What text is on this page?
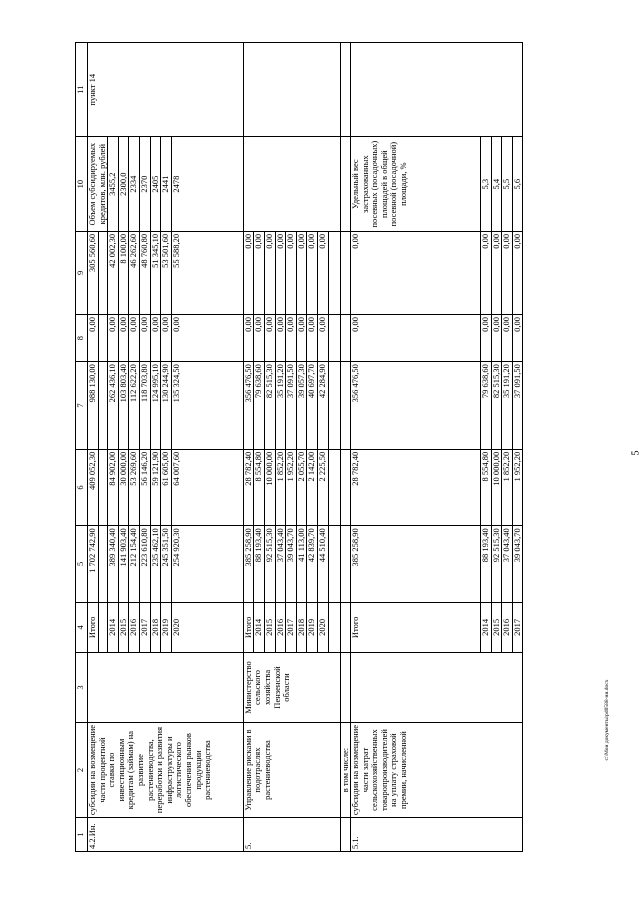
5
c:\Мои документы\pd0588-ни.docx
1	2	3	4	5	6	7	8	9	10	11
4.2.Ин.	субсидии на возмещение части процентной ставки по инвестиционным кредитам (займам) на развитие растениеводства, переработки и развития инфраструктуры и логистического обеспечения рынков продукции растениеводства		Итого	1 702 742,90	409 052,30	988 130,00	0,00	305 560,60	Объем субсидируемых кредитов, млн. рублей	пункт 14

			2014	389 340,40	84 902,00	262 436,10	0,00	42 002,30	3455,2	
			2015	141 903,40	30 000,00	103 803,40	0,00	8 100,00	2300,0	
			2016	212 154,40	53 269,60	112 622,20	0,00	46 262,60	2334	
			2017	223 610,80	56 146,20	118 703,80	0,00	48 760,80	2370	
			2018	235 462,10	59 121,90	124 995,10	0,00	51 345,10	2405	
			2019	245 351,50	61 605,00	130 244,90	0,00	53 501,60	2441	
			2020	254 920,30	64 007,60	135 324,50	0,00	55 588,20	2478	
5.	Управление рисками в подотраслях растениеводства	Министерство сельского хозяйства Пензенской области	Итого	385 258,90	28 782,40	356 476,50	0,00	0,00		
			2014	88 193,40	8 554,80	79 638,60	0,00	0,00		
			2015	92 515,30	10 000,00	82 515,30	0,00	0,00		
			2016	37 043,40	1 852,20	35 191,20	0,00	0,00		
			2017	39 043,70	1 952,20	37 091,50	0,00	0,00		
			2018	41 113,00	2 055,70	39 057,30	0,00	0,00		
			2019	42 839,70	2 142,00	40 697,70	0,00	0,00		
			2020	44 510,40	2 225,50	42 284,90	0,00	0,00		

	в том числе:									
5.1.	субсидии на возмещение части затрат сельскохозяйственных товаропроизводителей на уплату страховой премии, начисленной		Итого	385 258,90	28 782,40	356 476,50	0,00	0,00	Удельный вес застрахованных посевных (посадочных) площадей в общей посевной (посадочной) площади, %	
			2014	88 193,40	8 554,80	79 638,60	0,00	0,00	5,3	
			2015	92 515,30	10 000,00	82 515,30	0,00	0,00	5,4	
			2016	37 043,40	1 852,20	35 191,20	0,00	0,00	5,5	
			2017	39 043,70	1 952,20	37 091,50	0,00	0,00	5,6	
